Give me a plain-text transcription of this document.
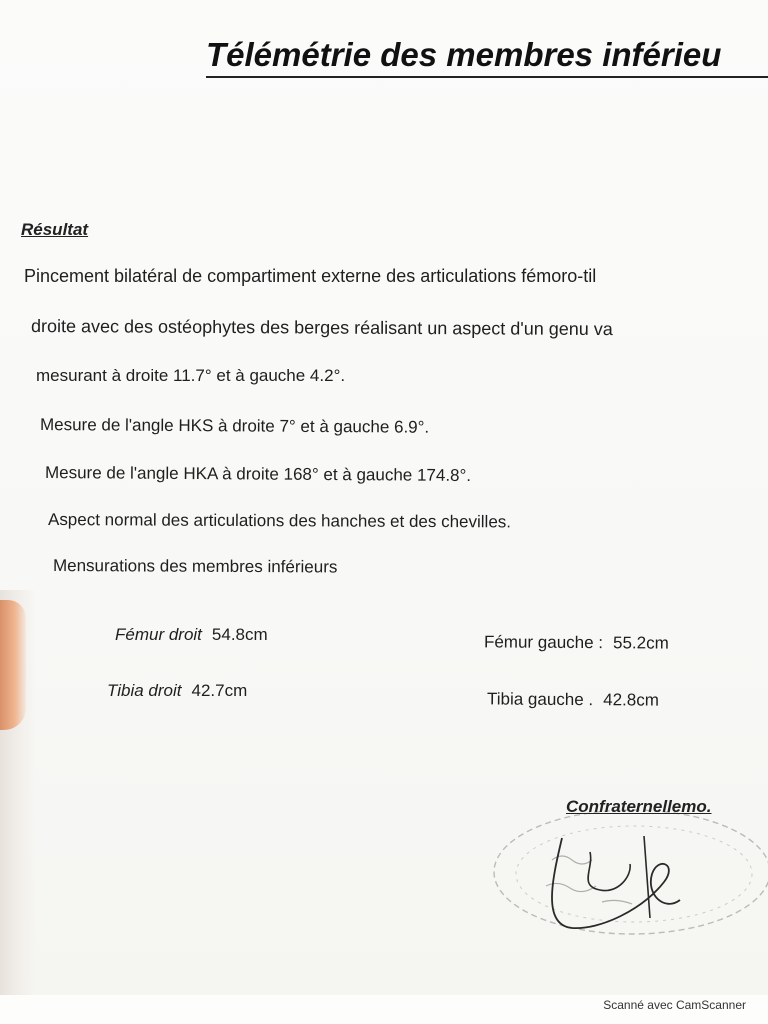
Télémétrie des membres inférieu
Résultat
Pincement bilatéral de compartiment externe des articulations fémoro-til
droite avec des ostéophytes des berges réalisant un aspect d'un genu va
mesurant à droite 11.7° et à gauche 4.2°.
Mesure de l'angle HKS à droite 7° et à gauche 6.9°.
Mesure de l'angle HKA à droite 168° et à gauche 174.8°.
Aspect normal des articulations des hanches et des chevilles.
Mensurations des membres inférieurs
Fémur droit 54.8cm
Tibia droit 42.7cm
Fémur gauche : 55.2cm
Tibia gauche . 42.8cm
Confraternellemo.
Scanné avec CamScanner
